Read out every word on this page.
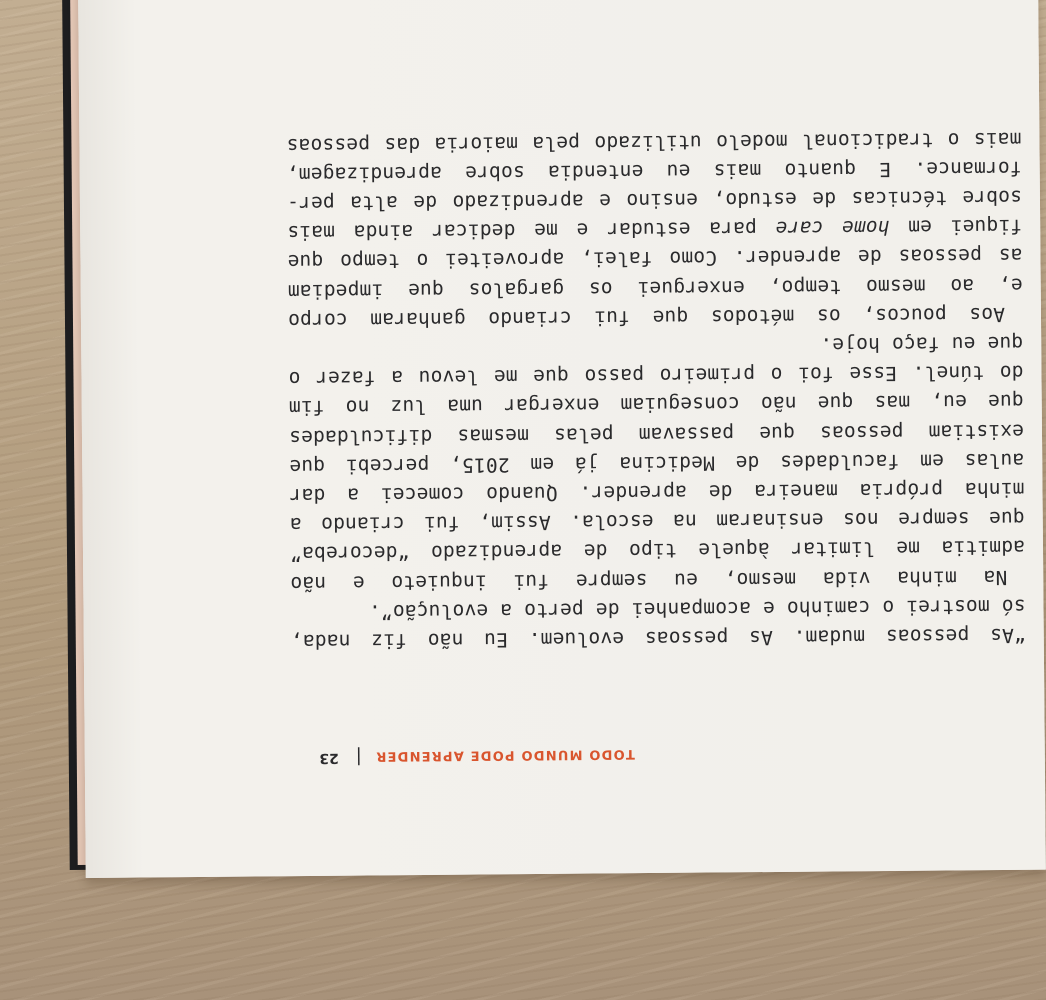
“As pessoas mudam. As pessoas evoluem. Eu não fiz nada,
só mostrei o caminho e acompanhei de perto a evolução”.
Na minha vida mesmo, eu sempre fui inquieto e não
admitia me limitar àquele tipo de aprendizado “decoreba”
que sempre nos ensinaram na escola. Assim, fui criando a
minha própria maneira de aprender. Quando comecei a dar
aulas em faculdades de Medicina já em 2015, percebi que
existiam pessoas que passavam pelas mesmas dificuldades
que eu, mas que não conseguiam enxergar uma luz no fim
do túnel. Esse foi o primeiro passo que me levou a fazer o
que eu faço hoje.
Aos poucos, os métodos que fui criando ganharam corpo
e, ao mesmo tempo, enxerguei os gargalos que impediam
as pessoas de aprender. Como falei, aproveitei o tempo que
fiquei em home care para estudar e me dedicar ainda mais
sobre técnicas de estudo, ensino e aprendizado de alta per-
formance. E quanto mais eu entendia sobre aprendizagem,
mais o tradicional modelo utilizado pela maioria das pessoas
TODO MUNDO PODE APRENDER
|
23
